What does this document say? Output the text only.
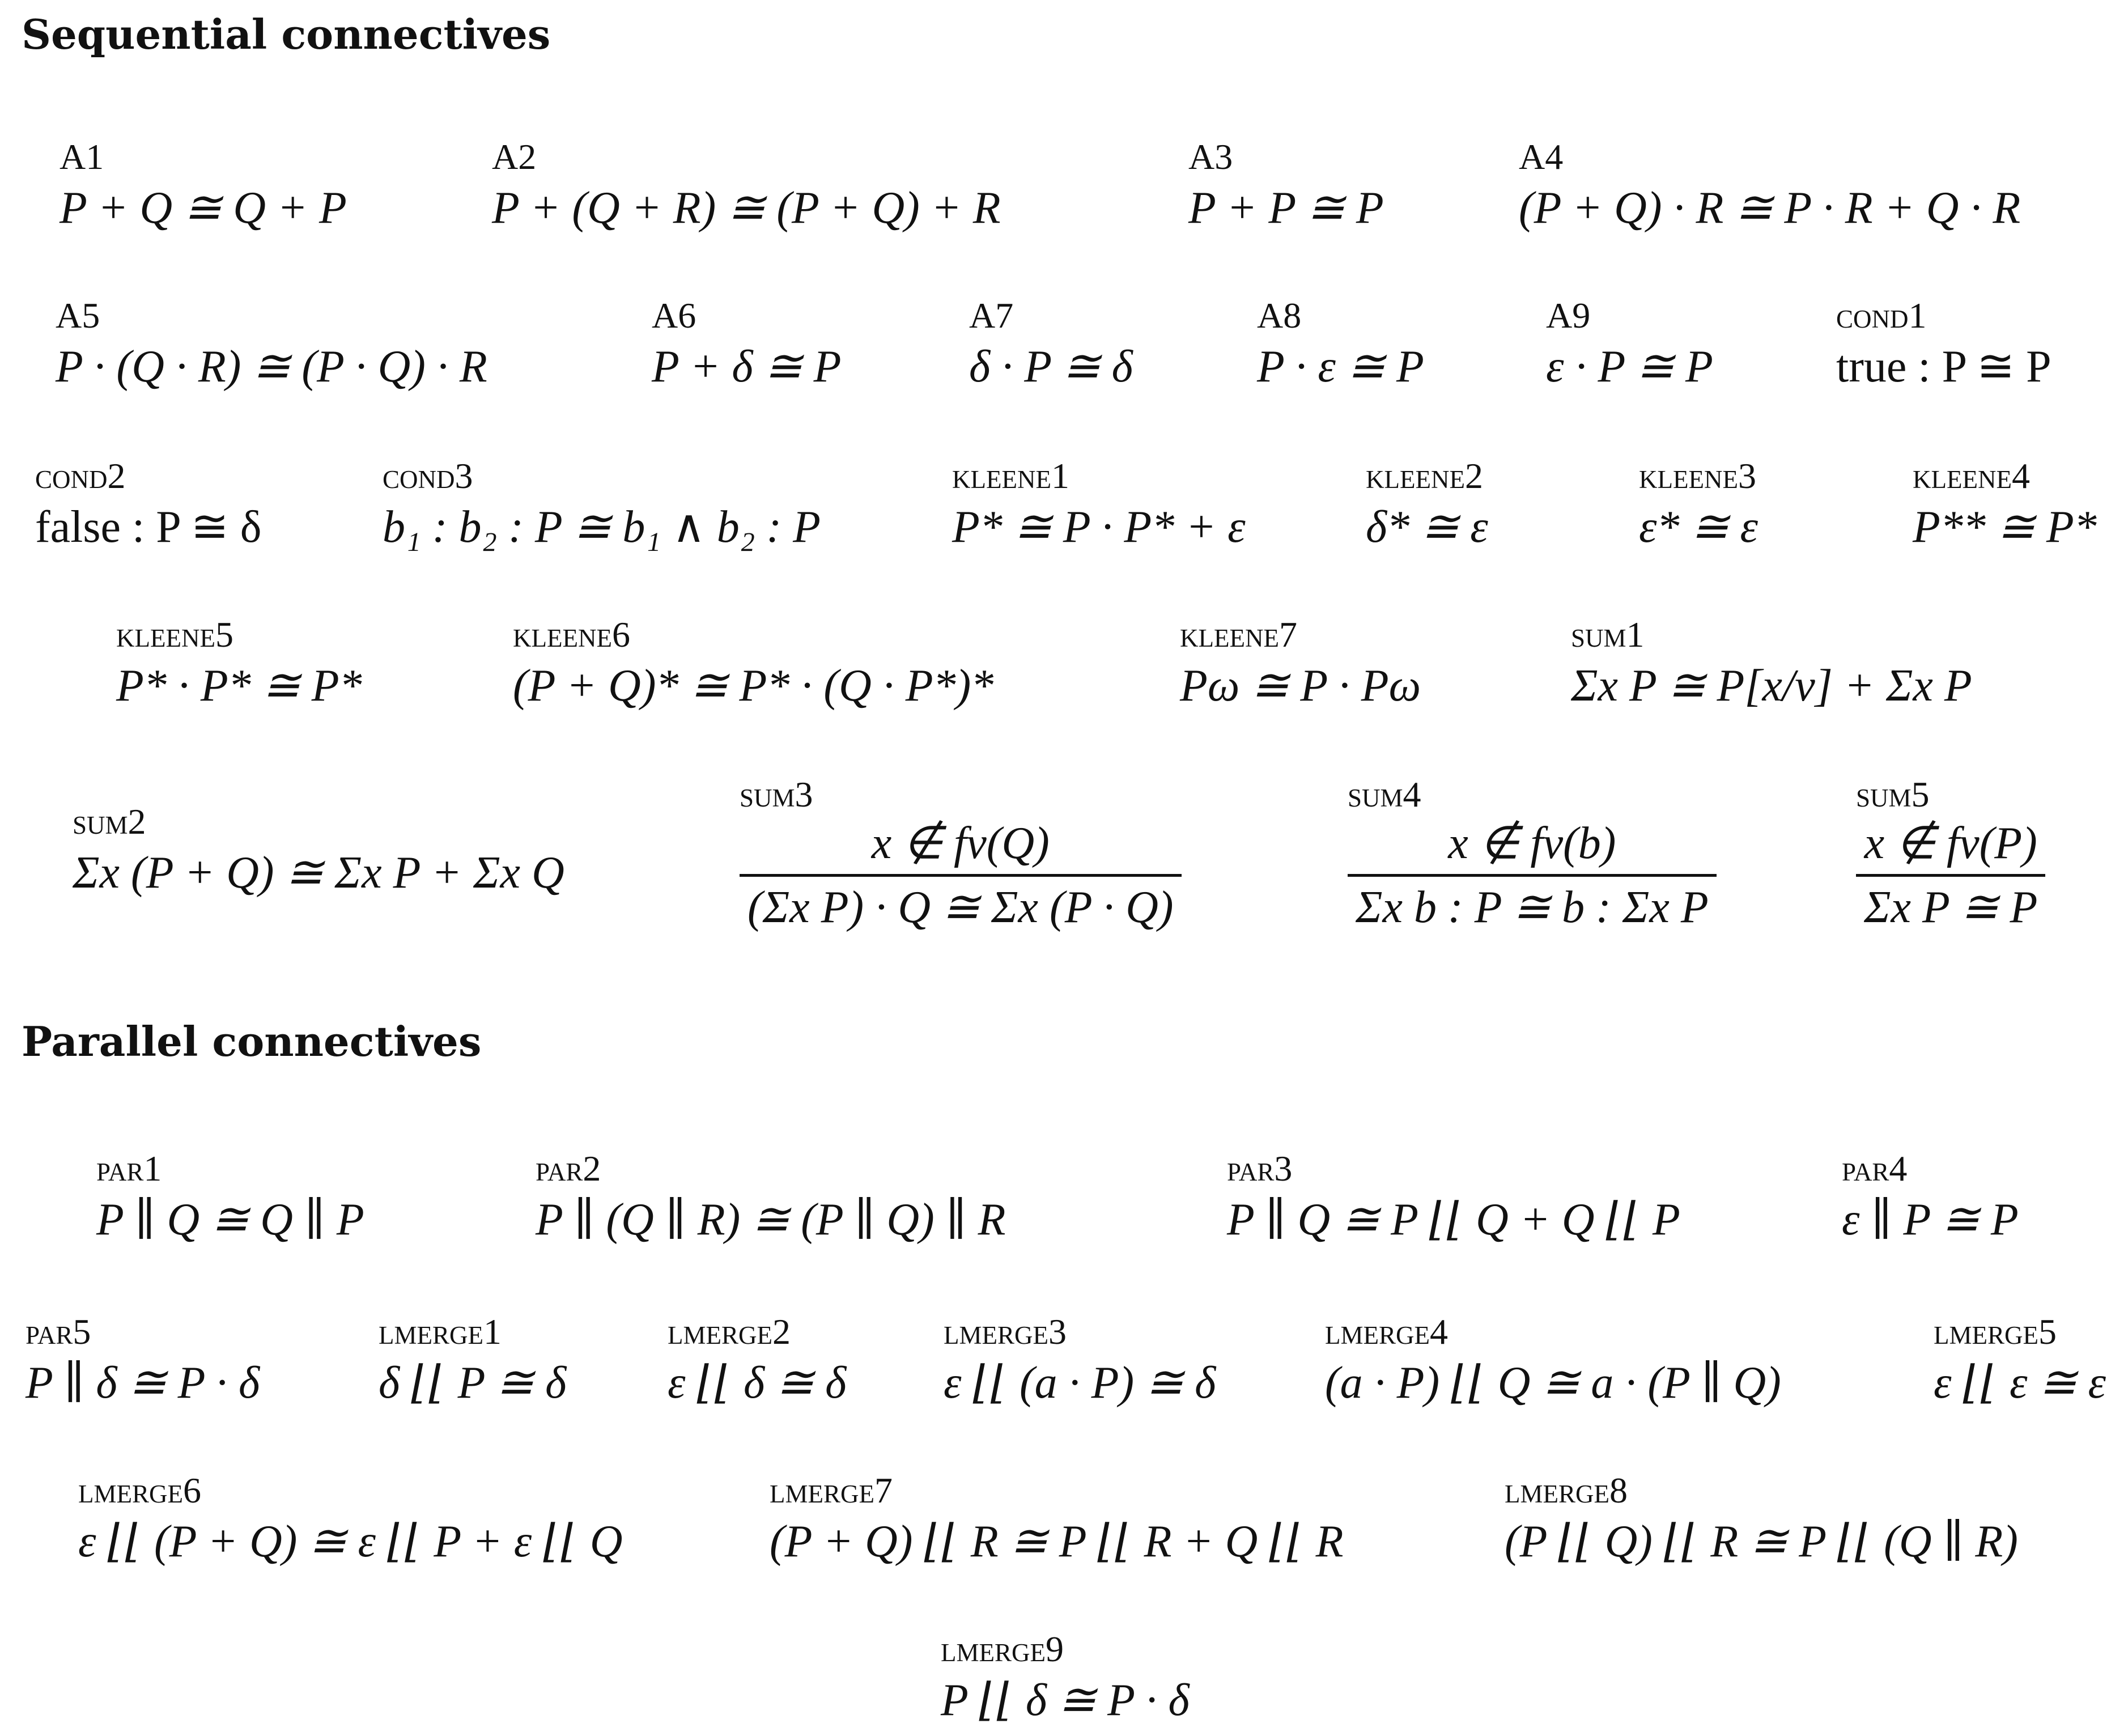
Sequential connectives
A1
P + Q ≅ Q + P
A2
P + (Q + R) ≅ (P + Q) + R
A3
P + P ≅ P
A4
(P + Q) · R ≅ P · R + Q · R
A5
P · (Q · R) ≅ (P · Q) · R
A6
P + δ ≅ P
A7
δ · P ≅ δ
A8
P · ε ≅ P
A9
ε · P ≅ P
cond1
true : P ≅ P
cond2
false : P ≅ δ
cond3
b₁ : b₂ : P ≅ b₁ ∧ b₂ : P
kleene1
P* ≅ P · P* + ε
kleene2
δ* ≅ ε
kleene3
ε* ≅ ε
kleene4
P** ≅ P*
kleene5
P* · P* ≅ P*
kleene6
(P + Q)* ≅ P* · (Q · P*)*
kleene7
Pω ≅ P · Pω
sum1
Σx P ≅ P[x/v] + Σx P
sum2
Σx (P + Q) ≅ Σx P + Σx Q
sum3
$\frac{x \notin fv(Q)}{\text{(Σx P) · Q ≅ Σx (P · Q)}}$
sum4
$\frac{x \notin fv(b)}{\text{Σx b : P ≅ b : Σx P}}$
sum5
$\frac{x \notin fv(P)}{\text{Σx P ≅ P}}$
Parallel connectives
par1
P ∥ Q ≅ Q ∥ P
par2
P ∥ (Q ∥ R) ≅ (P ∥ Q) ∥ R
par3
P ∥ Q ≅ P ⌊⌊ Q + Q ⌊⌊ P
par4
ε ∥ P ≅ P
par5
P ∥ δ ≅ P · δ
lmerge1
δ ⌊⌊ P ≅ δ
lmerge2
ε ⌊⌊ δ ≅ δ
lmerge3
ε ⌊⌊ (a · P) ≅ δ
lmerge4
(a · P) ⌊⌊ Q ≅ a · (P ∥ Q)
lmerge5
ε ⌊⌊ ε ≅ ε
lmerge6
ε ⌊⌊ (P + Q) ≅ ε ⌊⌊ P + ε ⌊⌊ Q
lmerge7
(P + Q) ⌊⌊ R ≅ P ⌊⌊ R + Q ⌊⌊ R
lmerge8
(P ⌊⌊ Q) ⌊⌊ R ≅ P ⌊⌊ (Q ∥ R)
lmerge9
P ⌊⌊ δ ≅ P · δ
